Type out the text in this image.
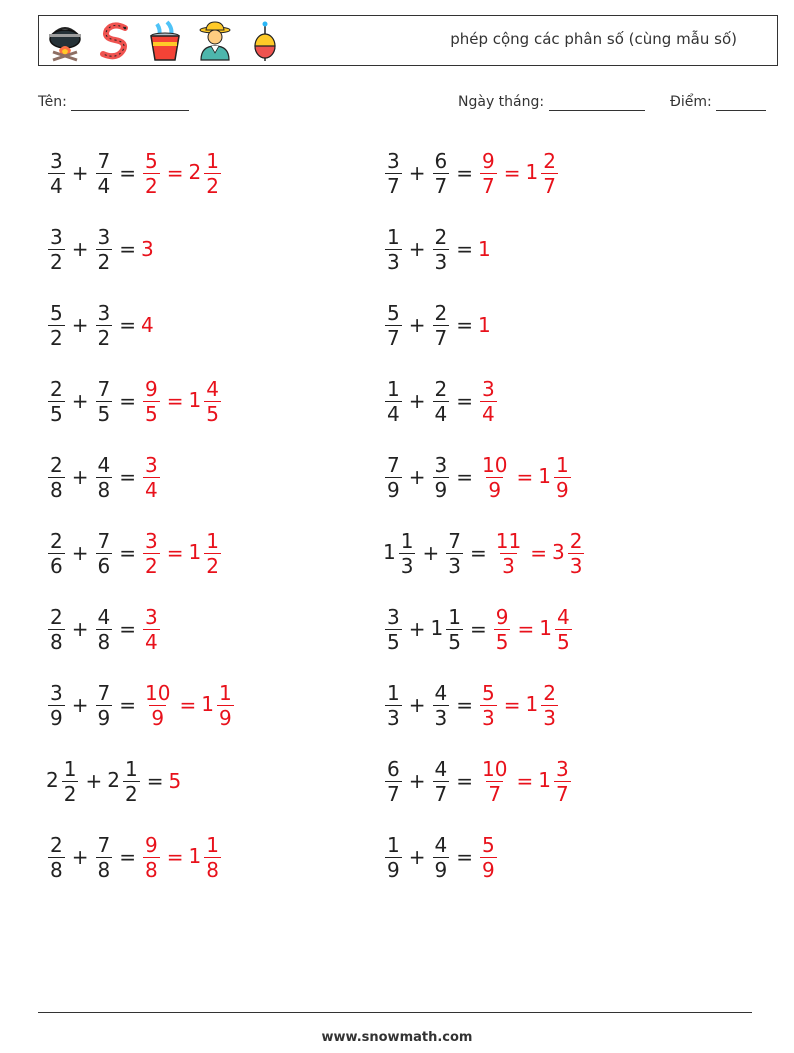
phép cộng các phân số (cùng mẫu số)
Tên:	Ngày tháng:	Điểm:
$\frac{3}{4} + \frac{7}{4} = \frac{5}{2} = 2 \frac{1}{2}$	$\frac{3}{7} + \frac{6}{7} = \frac{9}{7} = 1 \frac{2}{7}$
$\frac{3}{2} + \frac{3}{2} = 3$	$\frac{1}{3} + \frac{2}{3} = 1$
$\frac{5}{2} + \frac{3}{2} = 4$	$\frac{5}{7} + \frac{2}{7} = 1$
$\frac{2}{5} + \frac{7}{5} = \frac{9}{5} = 1 \frac{4}{5}$	$\frac{1}{4} + \frac{2}{4} = \frac{3}{4}$
$\frac{2}{8} + \frac{4}{8} = \frac{3}{4}$	$\frac{7}{9} + \frac{3}{9} = \frac{10}{9} = 1 \frac{1}{9}$
$\frac{2}{6} + \frac{7}{6} = \frac{3}{2} = 1 \frac{1}{2}$	$1 \frac{1}{3} + \frac{7}{3} = \frac{11}{3} = 3 \frac{2}{3}$
$\frac{2}{8} + \frac{4}{8} = \frac{3}{4}$	$\frac{3}{5} + 1 \frac{1}{5} = \frac{9}{5} = 1 \frac{4}{5}$
$\frac{3}{9} + \frac{7}{9} = \frac{10}{9} = 1 \frac{1}{9}$	$\frac{1}{3} + \frac{4}{3} = \frac{5}{3} = 1 \frac{2}{3}$
$2 \frac{1}{2} + 2 \frac{1}{2} = 5$	$\frac{6}{7} + \frac{4}{7} = \frac{10}{7} = 1 \frac{3}{7}$
$\frac{2}{8} + \frac{7}{8} = \frac{9}{8} = 1 \frac{1}{8}$	$\frac{1}{9} + \frac{4}{9} = \frac{5}{9}$
www.snowmath.com
